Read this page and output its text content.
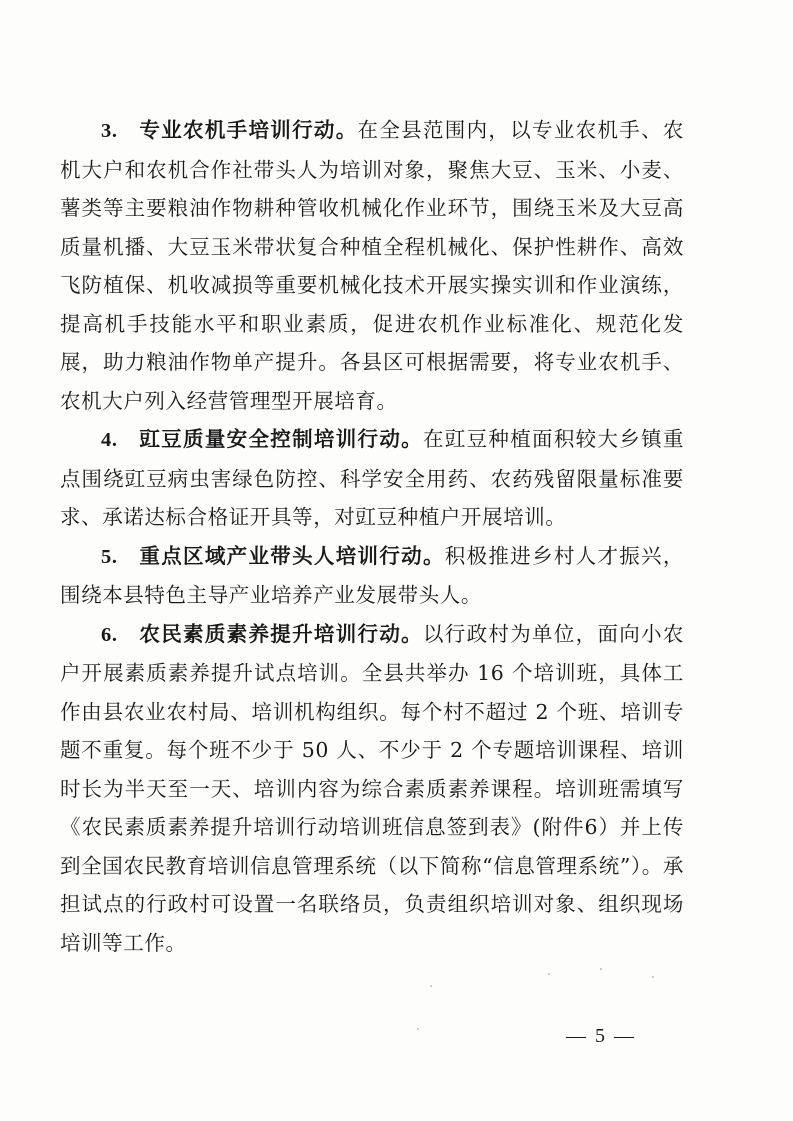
3.  专业农机手培训行动。在全县范围内，以专业农机手、农机大户和农机合作社带头人为培训对象，聚焦大豆、玉米、小麦、薯类等主要粮油作物耕种管收机械化作业环节，围绕玉米及大豆高质量机播、大豆玉米带状复合种植全程机械化、保护性耕作、高效飞防植保、机收减损等重要机械化技术开展实操实训和作业演练，提高机手技能水平和职业素质，促进农机作业标准化、规范化发展，助力粮油作物单产提升。各县区可根据需要，将专业农机手、农机大户列入经营管理型开展培育。

4.  豇豆质量安全控制培训行动。在豇豆种植面积较大乡镇重点围绕豇豆病虫害绿色防控、科学安全用药、农药残留限量标准要求、承诺达标合格证开具等，对豇豆种植户开展培训。

5.  重点区域产业带头人培训行动。积极推进乡村人才振兴，围绕本县特色主导产业培养产业发展带头人。

6.  农民素质素养提升培训行动。以行政村为单位，面向小农户开展素质素养提升试点培训。全县共举办 16 个培训班，具体工作由县农业农村局、培训机构组织。每个村不超过 2 个班、培训专题不重复。每个班不少于 50 人、不少于 2 个专题培训课程、培训时长为半天至一天、培训内容为综合素质素养课程。培训班需填写《农民素质素养提升培训行动培训班信息签到表》(附件6）并上传到全国农民教育培训信息管理系统（以下简称“信息管理系统”）。承担试点的行政村可设置一名联络员，负责组织培训对象、组织现场培训等工作。

— 5 —
